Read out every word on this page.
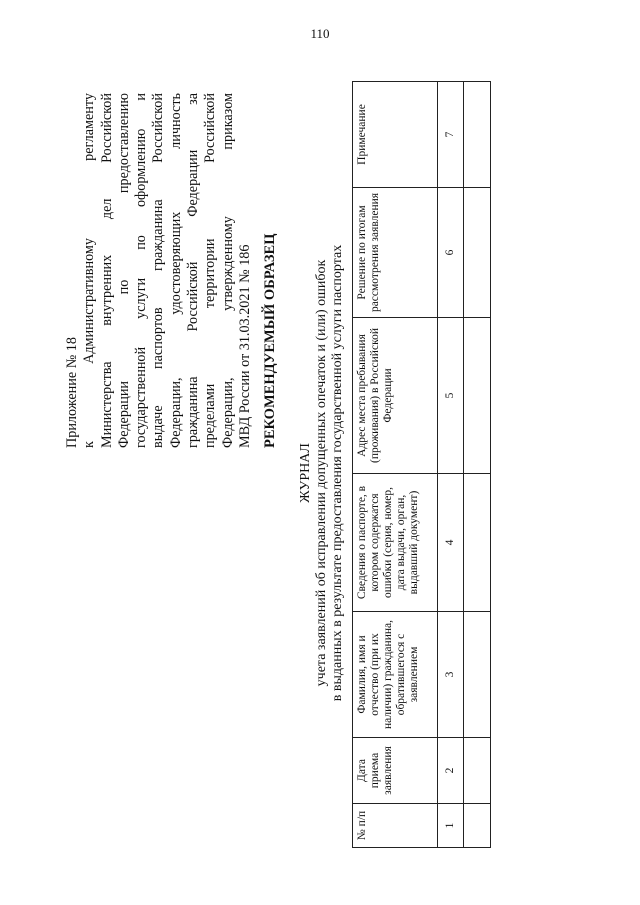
110
Приложение № 18 к Административному регламенту Министерства внутренних дел Российской Федерации по предоставлению государственной услуги по оформлению и выдаче паспортов гражданина Российской Федерации, удостоверяющих личность гражданина Российской Федерации за пределами территории Российской Федерации, утвержденному приказом МВД России от 31.03.2021 № 186 РЕКОМЕНДУЕМЫЙ ОБРАЗЕЦ
ЖУРНАЛ учета заявлений об исправлении допущенных опечаток и (или) ошибок в выданных в результате предоставления государственной услуги паспортах
№ п/п	Дата приема заявления	Фамилия, имя и отчество (при их наличии) гражданина, обратившегося с заявлением	Сведения о паспорте, в котором содержатся ошибки (серия, номер, дата выдачи, орган, выдавший документ)	Адрес места пребывания (проживания) в Российской Федерации	Решение по итогам рассмотрения заявления	Примечание
1	2	3	4	5	6	7
